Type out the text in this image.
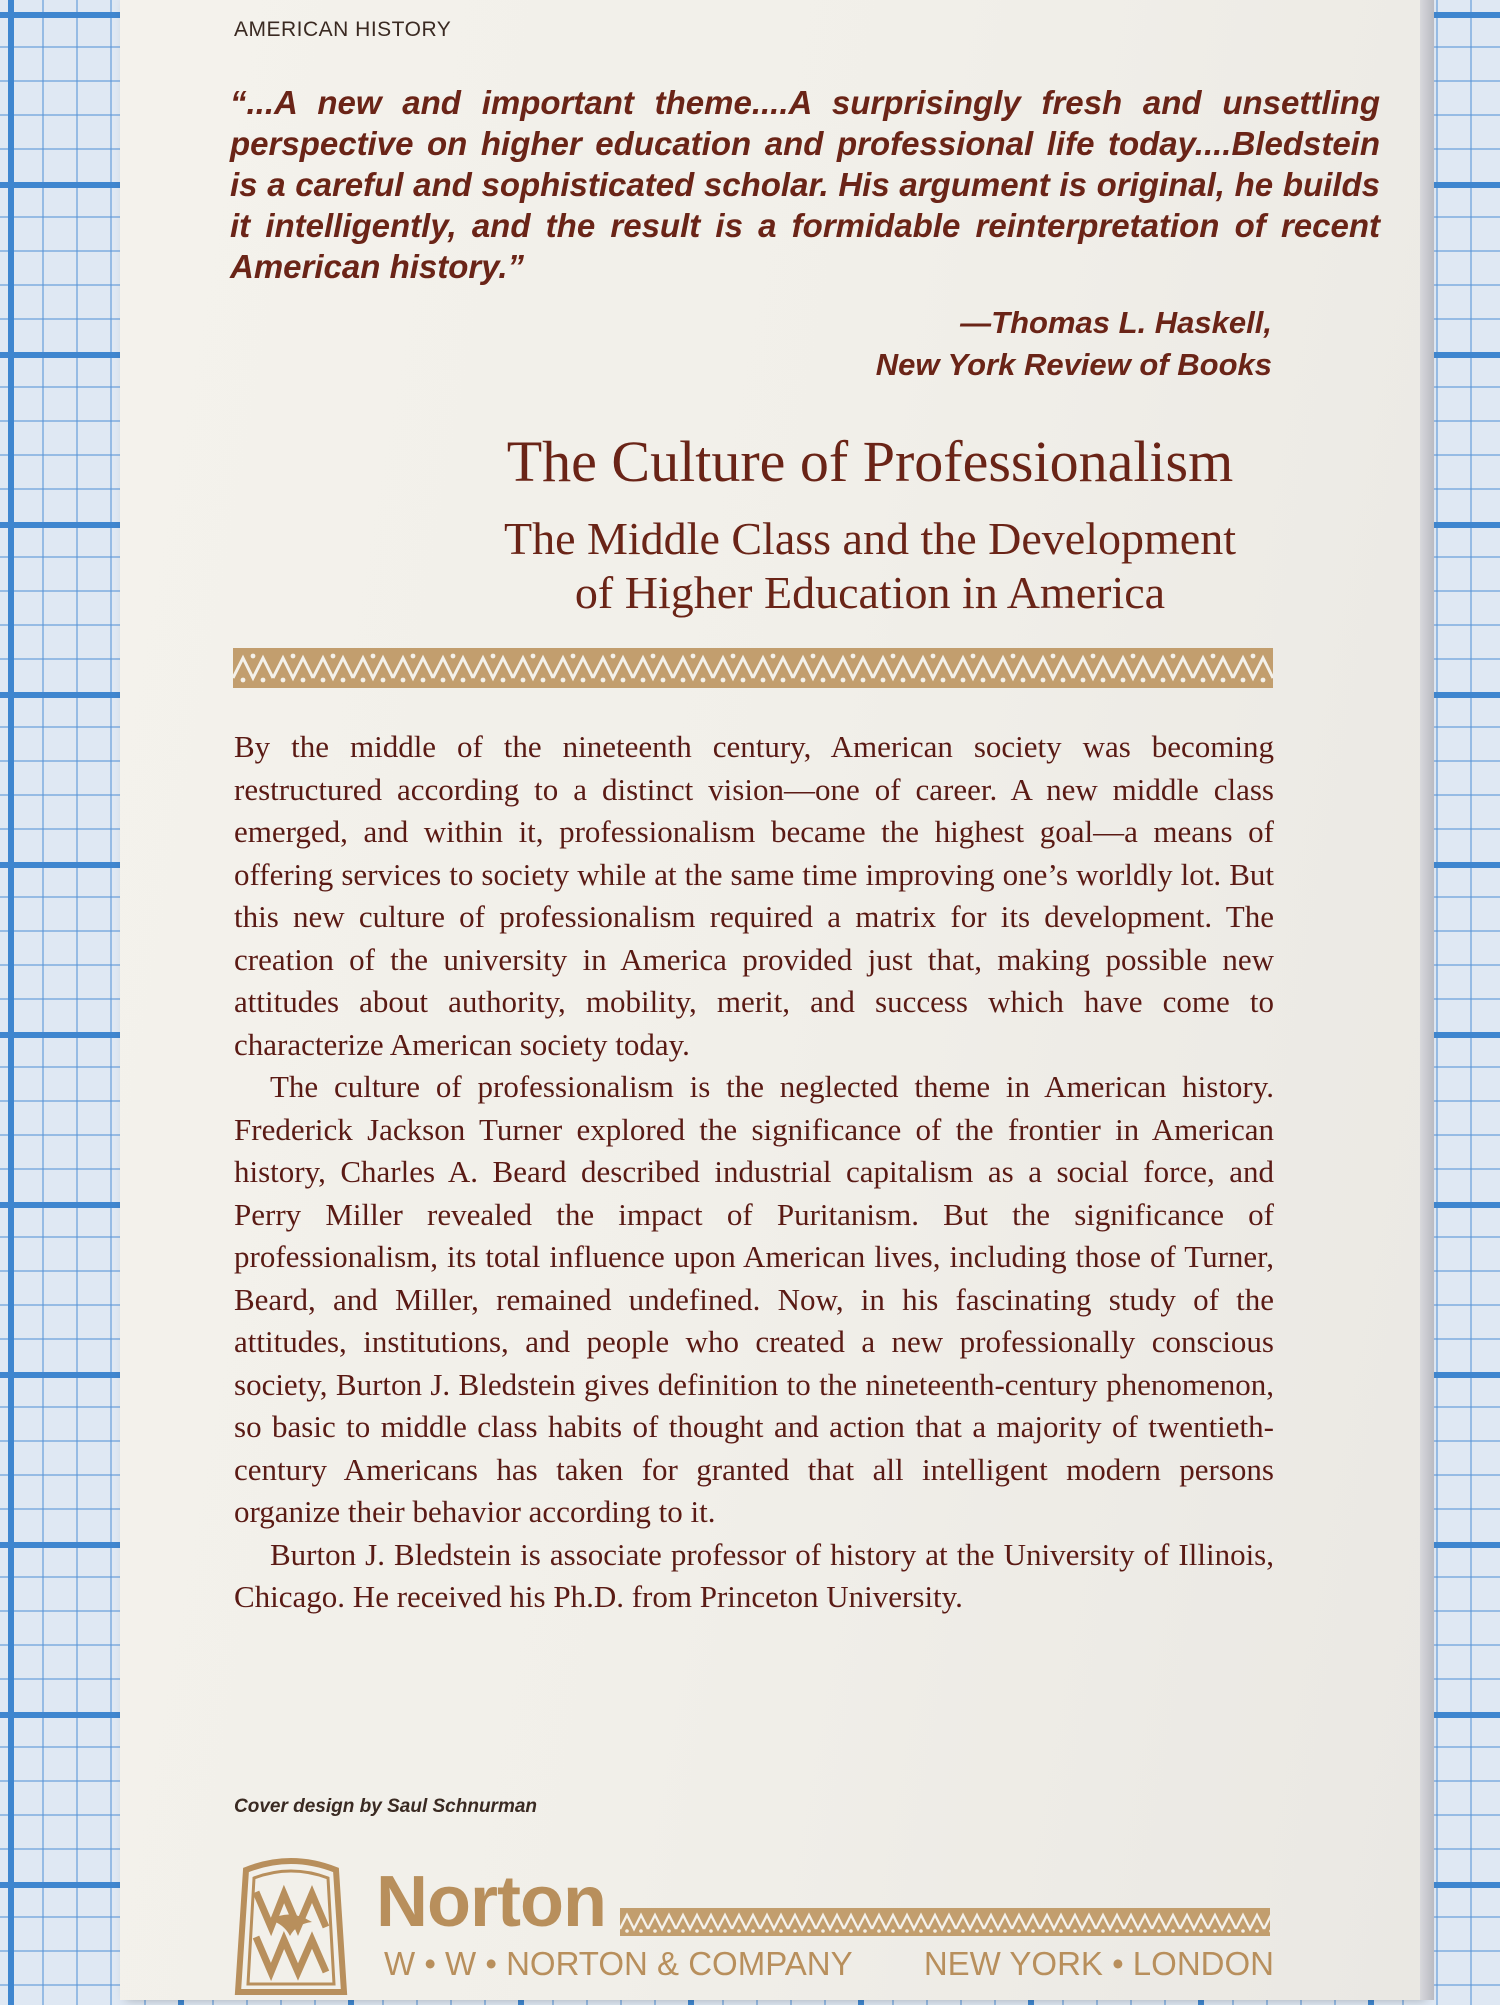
AMERICAN HISTORY

“...A new and important theme....A surprisingly fresh and unsettling perspective on higher education and professional life today....Bledstein is a careful and sophisticated scholar. His argument is original, he builds it intelligently, and the result is a formidable reinterpretation of recent American history.”

—Thomas L. Haskell,
New York Review of Books
The Culture of Professionalism
The Middle Class and the Development
of Higher Education in America

By the middle of the nineteenth century, American society was becoming restructured according to a distinct vision—one of career. A new middle class emerged, and within it, professionalism became the highest goal—a means of offering services to society while at the same time improving one’s worldly lot. But this new culture of professionalism required a matrix for its development. The creation of the university in America provided just that, making possible new attitudes about authority, mobility, merit, and success which have come to characterize American society today.

The culture of professionalism is the neglected theme in American history. Frederick Jackson Turner explored the significance of the frontier in American history, Charles A. Beard described industrial capitalism as a social force, and Perry Miller revealed the impact of Puritanism. But the significance of professionalism, its total influence upon American lives, including those of Turner, Beard, and Miller, remained undefined. Now, in his fascinating study of the attitudes, institutions, and people who created a new professionally conscious society, Burton J. Bledstein gives definition to the nineteenth-century phenomenon, so basic to middle class habits of thought and action that a majority of twentieth-century Americans has taken for granted that all intelligent modern persons organize their behavior according to it.

Burton J. Bledstein is associate professor of history at the University of Illinois, Chicago. He received his Ph.D. from Princeton University.

Cover design by Saul Schnurman

Norton

W • W • NORTON & COMPANY NEW YORK • LONDON
